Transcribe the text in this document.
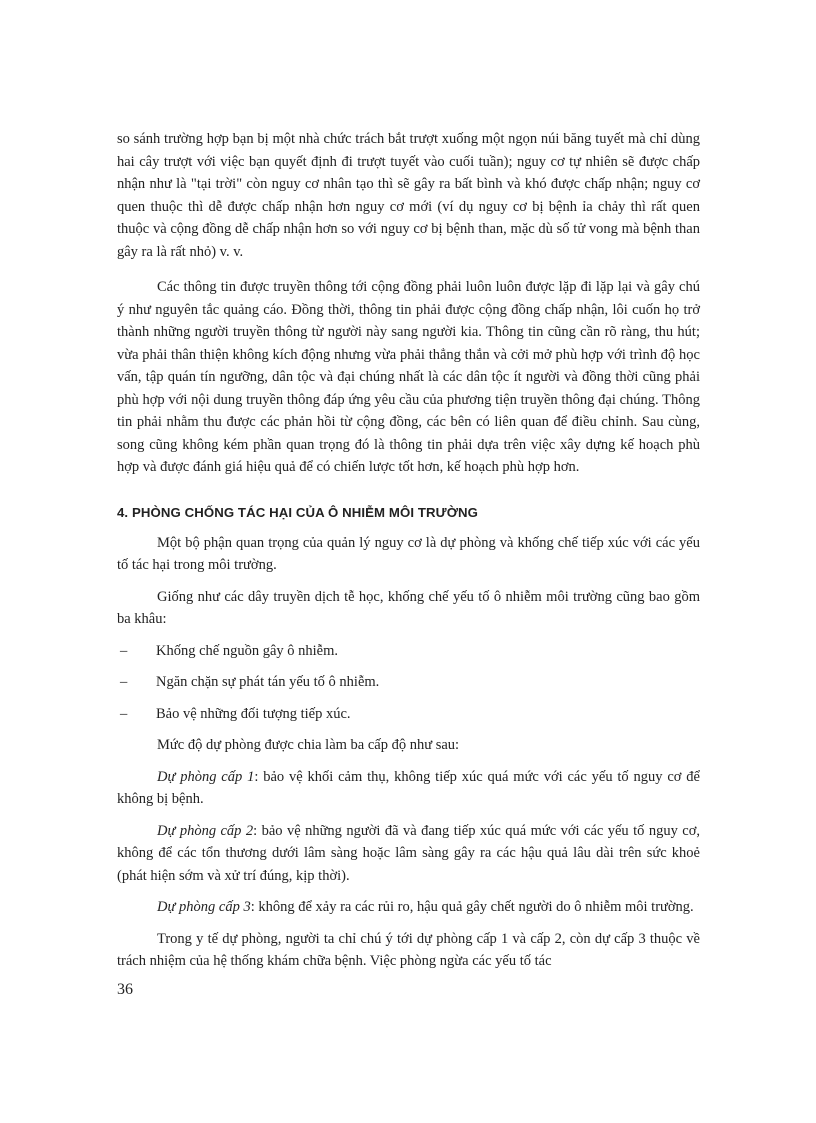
so sánh trường hợp bạn bị một nhà chức trách bắt trượt xuống một ngọn núi băng tuyết mà chỉ dùng hai cây trượt với việc bạn quyết định đi trượt tuyết vào cuối tuần); nguy cơ tự nhiên sẽ được chấp nhận như là "tại trời" còn nguy cơ nhân tạo thì sẽ gây ra bất bình và khó được chấp nhận; nguy cơ quen thuộc thì dễ được chấp nhận hơn nguy cơ mới (ví dụ nguy cơ bị bệnh ỉa chảy thì rất quen thuộc và cộng đồng dễ chấp nhận hơn so với nguy cơ bị bệnh than, mặc dù số tử vong mà bệnh than gây ra là rất nhỏ) v. v.

Các thông tin được truyền thông tới cộng đồng phải luôn luôn được lặp đi lặp lại và gây chú ý như nguyên tắc quảng cáo. Đồng thời, thông tin phải được cộng đồng chấp nhận, lôi cuốn họ trở thành những người truyền thông từ người này sang người kia. Thông tin cũng cần rõ ràng, thu hút; vừa phải thân thiện không kích động nhưng vừa phải thẳng thắn và cởi mở phù hợp với trình độ học vấn, tập quán tín ngưỡng, dân tộc và đại chúng nhất là các dân tộc ít người và đồng thời cũng phải phù hợp với nội dung truyền thông đáp ứng yêu cầu của phương tiện truyền thông đại chúng. Thông tin phải nhằm thu được các phản hồi từ cộng đồng, các bên có liên quan để điều chỉnh. Sau cùng, song cũng không kém phần quan trọng đó là thông tin phải dựa trên việc xây dựng kế hoạch phù hợp và được đánh giá hiệu quả để có chiến lược tốt hơn, kế hoạch phù hợp hơn.

4. PHÒNG CHỐNG TÁC HẠI CỦA Ô NHIỄM MÔI TRƯỜNG

Một bộ phận quan trọng của quản lý nguy cơ là dự phòng và khống chế tiếp xúc với các yếu tố tác hại trong môi trường.

Giống như các dây truyền dịch tễ học, khống chế yếu tố ô nhiễm môi trường cũng bao gồm ba khâu:

– Khống chế nguồn gây ô nhiễm.

– Ngăn chặn sự phát tán yếu tố ô nhiễm.

– Bảo vệ những đối tượng tiếp xúc.

Mức độ dự phòng được chia làm ba cấp độ như sau:

Dự phòng cấp 1: bảo vệ khối cảm thụ, không tiếp xúc quá mức với các yếu tố nguy cơ để không bị bệnh.

Dự phòng cấp 2: bảo vệ những người đã và đang tiếp xúc quá mức với các yếu tố nguy cơ, không để các tổn thương dưới lâm sàng hoặc lâm sàng gây ra các hậu quả lâu dài trên sức khoẻ (phát hiện sớm và xử trí đúng, kịp thời).

Dự phòng cấp 3: không để xảy ra các rủi ro, hậu quả gây chết người do ô nhiễm môi trường.

Trong y tế dự phòng, người ta chỉ chú ý tới dự phòng cấp 1 và cấp 2, còn dự cấp 3 thuộc về trách nhiệm của hệ thống khám chữa bệnh. Việc phòng ngừa các yếu tố tác

36
